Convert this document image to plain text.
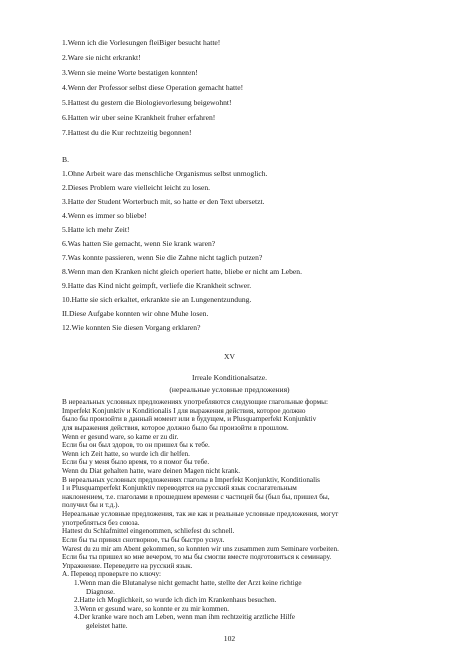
1.Wenn ich die Vorlesungen fleiBiger besucht hatte!
2.Ware sie nicht erkrankt!
3.Wenn sie meine Worte bestatigen konnten!
4.Wenn der Professor selbst diese Operation gemacht hatte!
5.Hattest du gestern die Biologievorlesung beigewohnt!
6.Hatten wir uber seine Krankheit fruher erfahren!
7.Hattest du die Kur rechtzeitig begonnen!
B.
1.Ohne Arbeit ware das menschliche Organismus selbst unmoglich.
2.Dieses Problem ware vielleicht leicht zu losen.
3.Hatte der Student Worterbuch mit, so hatte er den Text ubersetzt.
4.Wenn es immer so bliebe!
5.Hatte ich mehr Zeit!
6.Was hatten Sie gemacht, wenn Sie krank waren?
7.Was konnte passieren, wenn Sie die Zahne nicht taglich putzen?
8.Wenn man den Kranken nicht gleich operiert hatte, bliebe er nicht am Leben.
9.Hatte das Kind nicht geimpft, verliefe die Krankheit schwer.
10.Hatte sie sich erkaltet, erkrankte sie an Lungenentzundung.
II.Diese Aufgabe konnten wir ohne Muhe losen.
12.Wie konnten Sie diesen Vorgang erklaren?
XV
Irreale Konditionalsatze.
(нереальные условные предложения)
В нереальных условных предложениях употребляются следующие глагольные формы:
Imperfekt Konjunktiv и Konditionalis I для выражения действия, которое должно
было бы произойти в данный момент или в будущем, и Plusquamperfekt Konjunktiv
для выражения действия, которое должно было бы произойти в прошлом.
Wenn er gesund ware, so kame er zu dir.
Если бы он был здоров, то он пришел бы к тебе.
Wenn ich Zeit hatte, so wurde ich dir helfen.
Если бы у меня было время, то я помог бы тебе.
Wenn du Diat gehalten hatte, ware deinen Magen nicht krank.
В нереальных условных предложениях глаголы в Imperfekt Konjunktiv, Konditionalis
I и Plusquamperfekt Konjunktiv переводятся на русский язык сослагательным
наклонением, т.е. глаголами в прошедшем времени с частицей бы (был бы, пришел бы,
получил бы и т.д.).
Нереальные условные предложения, так же как и реальные условные предложения, могут
употребляться без союза.
Hattest du Schlafmittel eingenommen, schliefest du schnell.
Если бы ты принял снотворное, ты бы быстро уснул.
Warest du zu mir am Abent gekommen, so konnten wir uns zusammen zum Seminare vorbeiten.
Если бы ты пришел ко мне вечером, то мы бы смогли вместе подготовиться к семинару.
Упражнение. Переведите на русский язык.
А. Перевод проверьте по ключу:
102
1.Wenn man die Blutanalyse nicht gemacht hatte, stellte der Arzt keine richtige
Diagnose.
2.Hatte ich Moglichkeit, so wurde ich dich im Krankenhaus besuchen.
3.Wenn er gesund ware, so konnte er zu mir kommen.
4.Der kranke ware noch am Leben, wenn man ihm rechtzeitig arztliche Hilfe
geleistet hatte.
